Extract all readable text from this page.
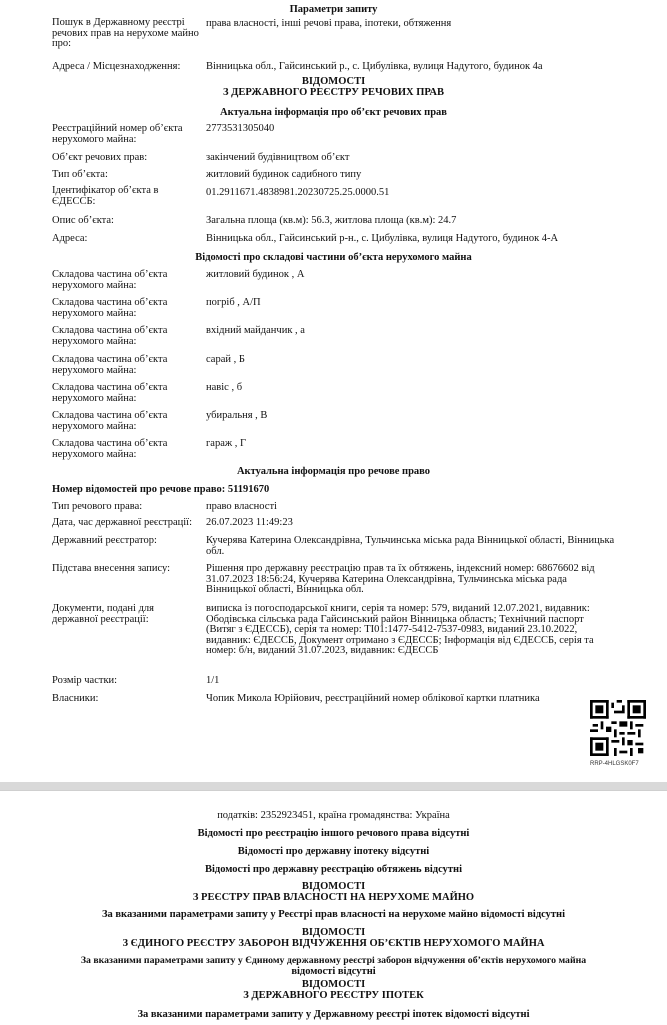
Параметри запиту
Пошук в Державному реєстрі речових прав на нерухоме майно про:
права власності, інші речові права, іпотеки, обтяження
Адреса / Місцезнаходження:	Вінницька обл., Гайсинський р., с. Цибулівка, вулиця Надутого, будинок 4а
ВІДОМОСТІ
З ДЕРЖАВНОГО РЕЄСТРУ РЕЧОВИХ ПРАВ
Актуальна інформація про об’єкт речових прав
Реєстраційний номер об’єкта нерухомого майна:
2773531305040
Об’єкт речових прав:	закінчений будівництвом об’єкт
Тип об’єкта:	житловий будинок садибного типу
Ідентифікатор об’єкта в ЄДЕССБ:
01.2911671.4838981.20230725.25.0000.51
Опис об’єкта:	Загальна площа (кв.м): 56.3, житлова площа (кв.м): 24.7
Адреса:	Вінницька обл., Гайсинський р-н., с. Цибулівка, вулиця Надутого, будинок 4-А
Відомості про складові частини об’єкта нерухомого майна
Складова частина об’єкта нерухомого майна:
житловий будинок , А
Складова частина об’єкта нерухомого майна:
погріб , А/П
Складова частина об’єкта нерухомого майна:
вхідний майданчик , а
Складова частина об’єкта нерухомого майна:
сарай , Б
Складова частина об’єкта нерухомого майна:
навіс , б
Складова частина об’єкта нерухомого майна:
убиральня , В
Складова частина об’єкта нерухомого майна:
гараж , Г
Актуальна інформація про речове право
Номер відомостей про речове право: 51191670
Тип речового права:	право власності
Дата, час державної реєстрації:	26.07.2023 11:49:23
Державний реєстратор:	Кучерява Катерина Олександрівна, Тульчинська міська рада Вінницької області, Вінницька обл.
Підстава внесення запису:	Рішення про державну реєстрацію прав та їх обтяжень, індексний номер: 68676602 від 31.07.2023 18:56:24, Кучерява Катерина Олександрівна, Тульчинська міська рада Вінницької області, Вінницька обл.
Документи, подані для державної реєстрації:
виписка із погосподарської книги, серія та номер: 579, виданий 12.07.2021, видавник: Ободівська сільська рада Гайсинський район Вінницька область; Технічний паспорт (Витяг з ЄДЕССБ), серія та номер: ТІ01:1477-5412-7537-0983, виданий 23.10.2022, видавник: ЄДЕССБ, Документ отримано з ЄДЕССБ; Інформація від ЄДЕССБ, серія та номер: б/н, виданий 31.07.2023, видавник: ЄДЕССБ
Розмір частки:	1/1
Власники:	Чопик Микола Юрійович, реєстраційний номер облікової картки платника
RRP-4HLGSK0F7
податків: 2352923451, країна громадянства: Україна
Відомості про реєстрацію іншого речового права відсутні
Відомості про державну іпотеку відсутні
Відомості про державну реєстрацію обтяжень відсутні
ВІДОМОСТІ
З РЕЄСТРУ ПРАВ ВЛАСНОСТІ НА НЕРУХОМЕ МАЙНО
За вказаними параметрами запиту у Реєстрі прав власності на нерухоме майно відомості відсутні
ВІДОМОСТІ
З ЄДИНОГО РЕЄСТРУ ЗАБОРОН ВІДЧУЖЕННЯ ОБ’ЄКТІВ НЕРУХОМОГО МАЙНА
За вказаними параметрами запиту у Єдиному державному реєстрі заборон відчуження об’єктів нерухомого майна
відомості відсутні
ВІДОМОСТІ
З ДЕРЖАВНОГО РЕЄСТРУ ІПОТЕК
За вказаними параметрами запиту у Державному реєстрі іпотек відомості відсутні
